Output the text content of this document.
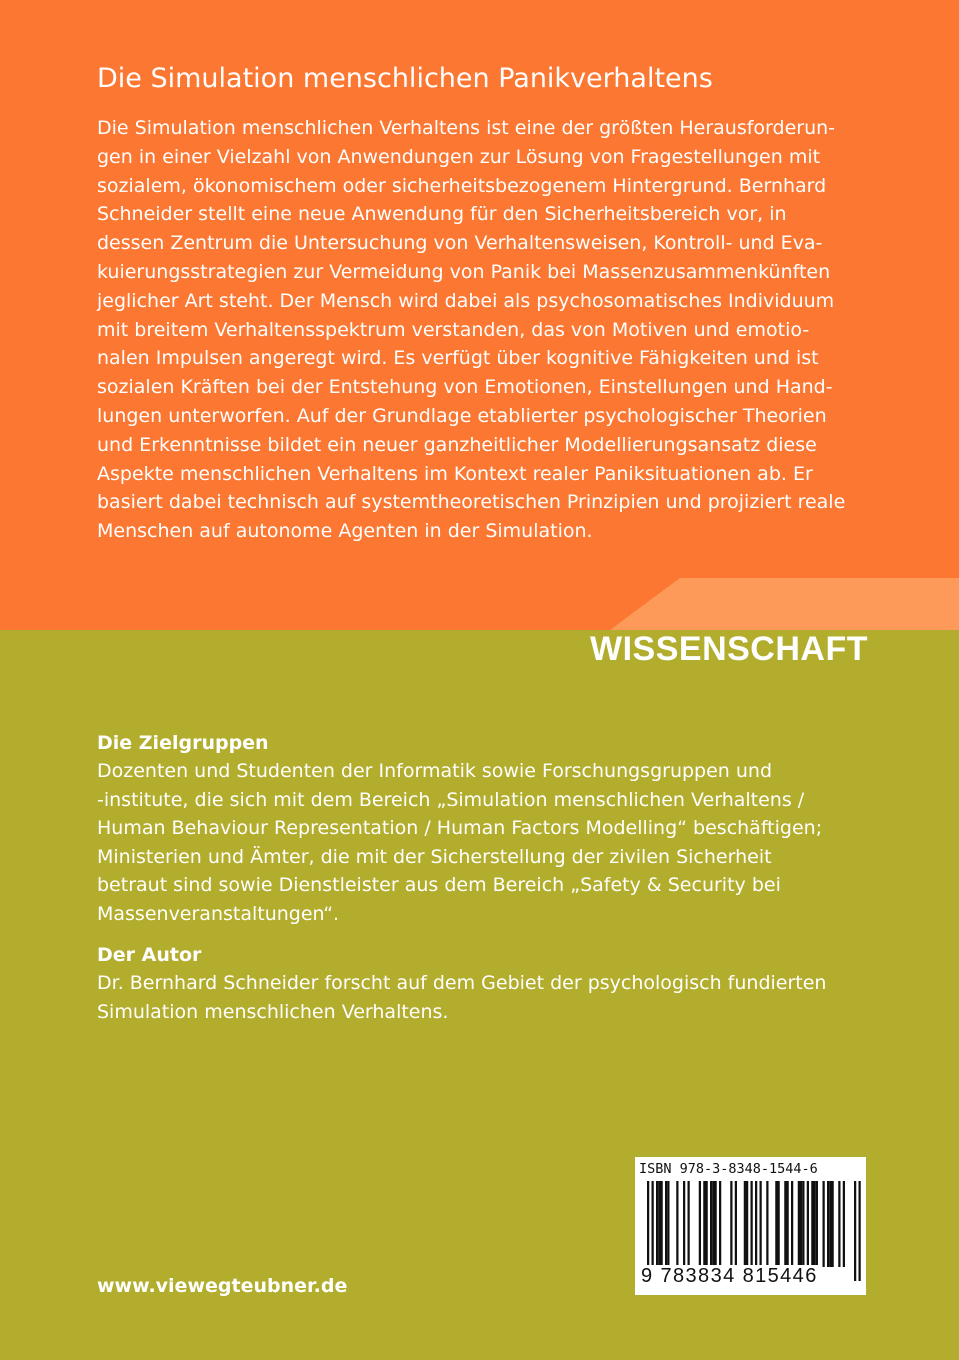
Die Simulation menschlichen Panikverhaltens
Die Simulation menschlichen Verhaltens ist eine der größten Herausforderun-
gen in einer Vielzahl von Anwendungen zur Lösung von Fragestellungen mit
sozialem, ökonomischem oder sicherheitsbezogenem Hintergrund. Bernhard
Schneider stellt eine neue Anwendung für den Sicherheitsbereich vor, in
dessen Zentrum die Untersuchung von Verhaltensweisen, Kontroll- und Eva-
kuierungsstrategien zur Vermeidung von Panik bei Massenzusammenkünften
jeglicher Art steht. Der Mensch wird dabei als psychosomatisches Individuum
mit breitem Verhaltensspektrum verstanden, das von Motiven und emotio-
nalen Impulsen angeregt wird. Es verfügt über kognitive Fähigkeiten und ist
sozialen Kräften bei der Entstehung von Emotionen, Einstellungen und Hand-
lungen unterworfen. Auf der Grundlage etablierter psychologischer Theorien
und Erkenntnisse bildet ein neuer ganzheitlicher Modellierungsansatz diese
Aspekte menschlichen Verhaltens im Kontext realer Paniksituationen ab. Er
basiert dabei technisch auf systemtheoretischen Prinzipien und projiziert reale
Menschen auf autonome Agenten in der Simulation.
WISSENSCHAFT
Die Zielgruppen
Dozenten und Studenten der Informatik sowie Forschungsgruppen und
-institute, die sich mit dem Bereich „Simulation menschlichen Verhaltens /
Human Behaviour Representation / Human Factors Modelling“ beschäftigen;
Ministerien und Ämter, die mit der Sicherstellung der zivilen Sicherheit
betraut sind sowie Dienstleister aus dem Bereich „Safety & Security bei
Massenveranstaltungen“.
Der Autor
Dr. Bernhard Schneider forscht auf dem Gebiet der psychologisch fundierten
Simulation menschlichen Verhaltens.
www.viewegteubner.de
ISBN 978-3-8348-1544-6
9 783834 815446
